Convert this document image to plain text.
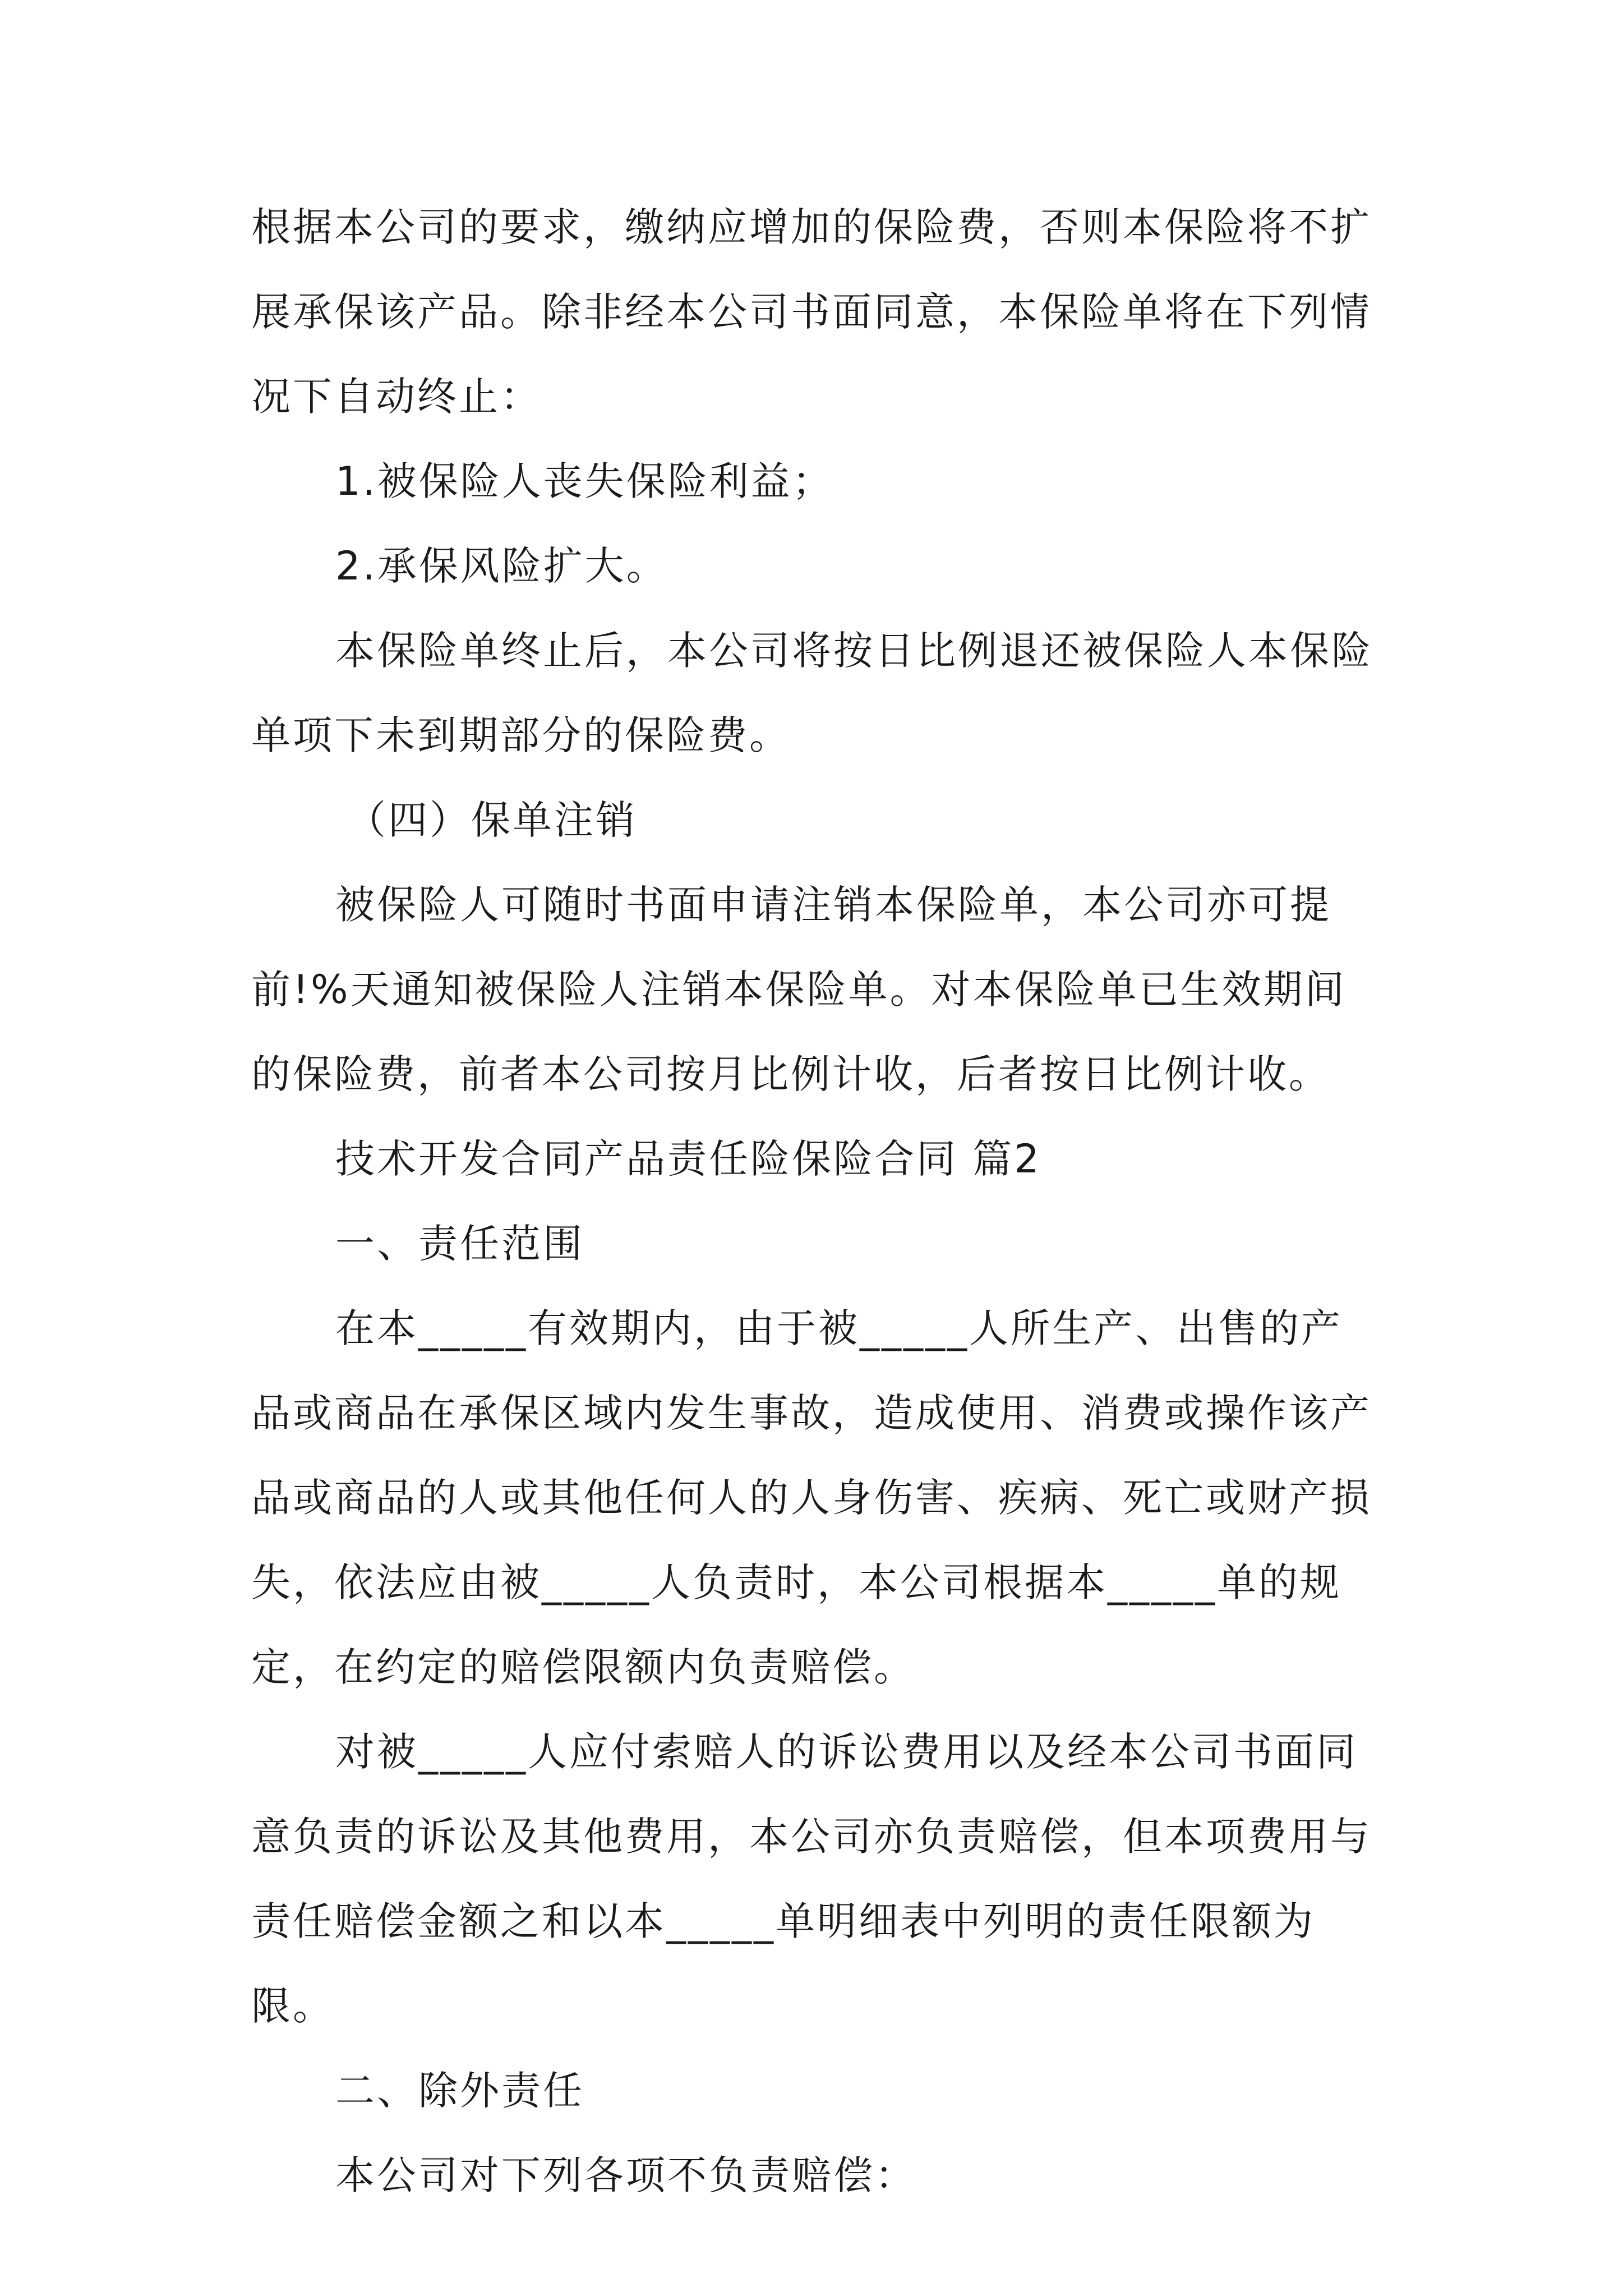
根据本公司的要求，缴纳应增加的保险费，否则本保险将不扩展承保该产品。除非经本公司书面同意，本保险单将在下列情况下自动终止：

1.被保险人丧失保险利益；

2.承保风险扩大。

本保险单终止后，本公司将按日比例退还被保险人本保险单项下未到期部分的保险费。

（四）保单注销

被保险人可随时书面申请注销本保险单，本公司亦可提前!%天通知被保险人注销本保险单。对本保险单已生效期间的保险费，前者本公司按月比例计收，后者按日比例计收。

技术开发合同产品责任险保险合同 篇2

一、责任范围

在本_____有效期内，由于被_____人所生产、出售的产品或商品在承保区域内发生事故，造成使用、消费或操作该产品或商品的人或其他任何人的人身伤害、疾病、死亡或财产损失，依法应由被_____人负责时，本公司根据本_____单的规定，在约定的赔偿限额内负责赔偿。

对被_____人应付索赔人的诉讼费用以及经本公司书面同意负责的诉讼及其他费用，本公司亦负责赔偿，但本项费用与责任赔偿金额之和以本_____单明细表中列明的责任限额为限。

二、除外责任

本公司对下列各项不负责赔偿：
